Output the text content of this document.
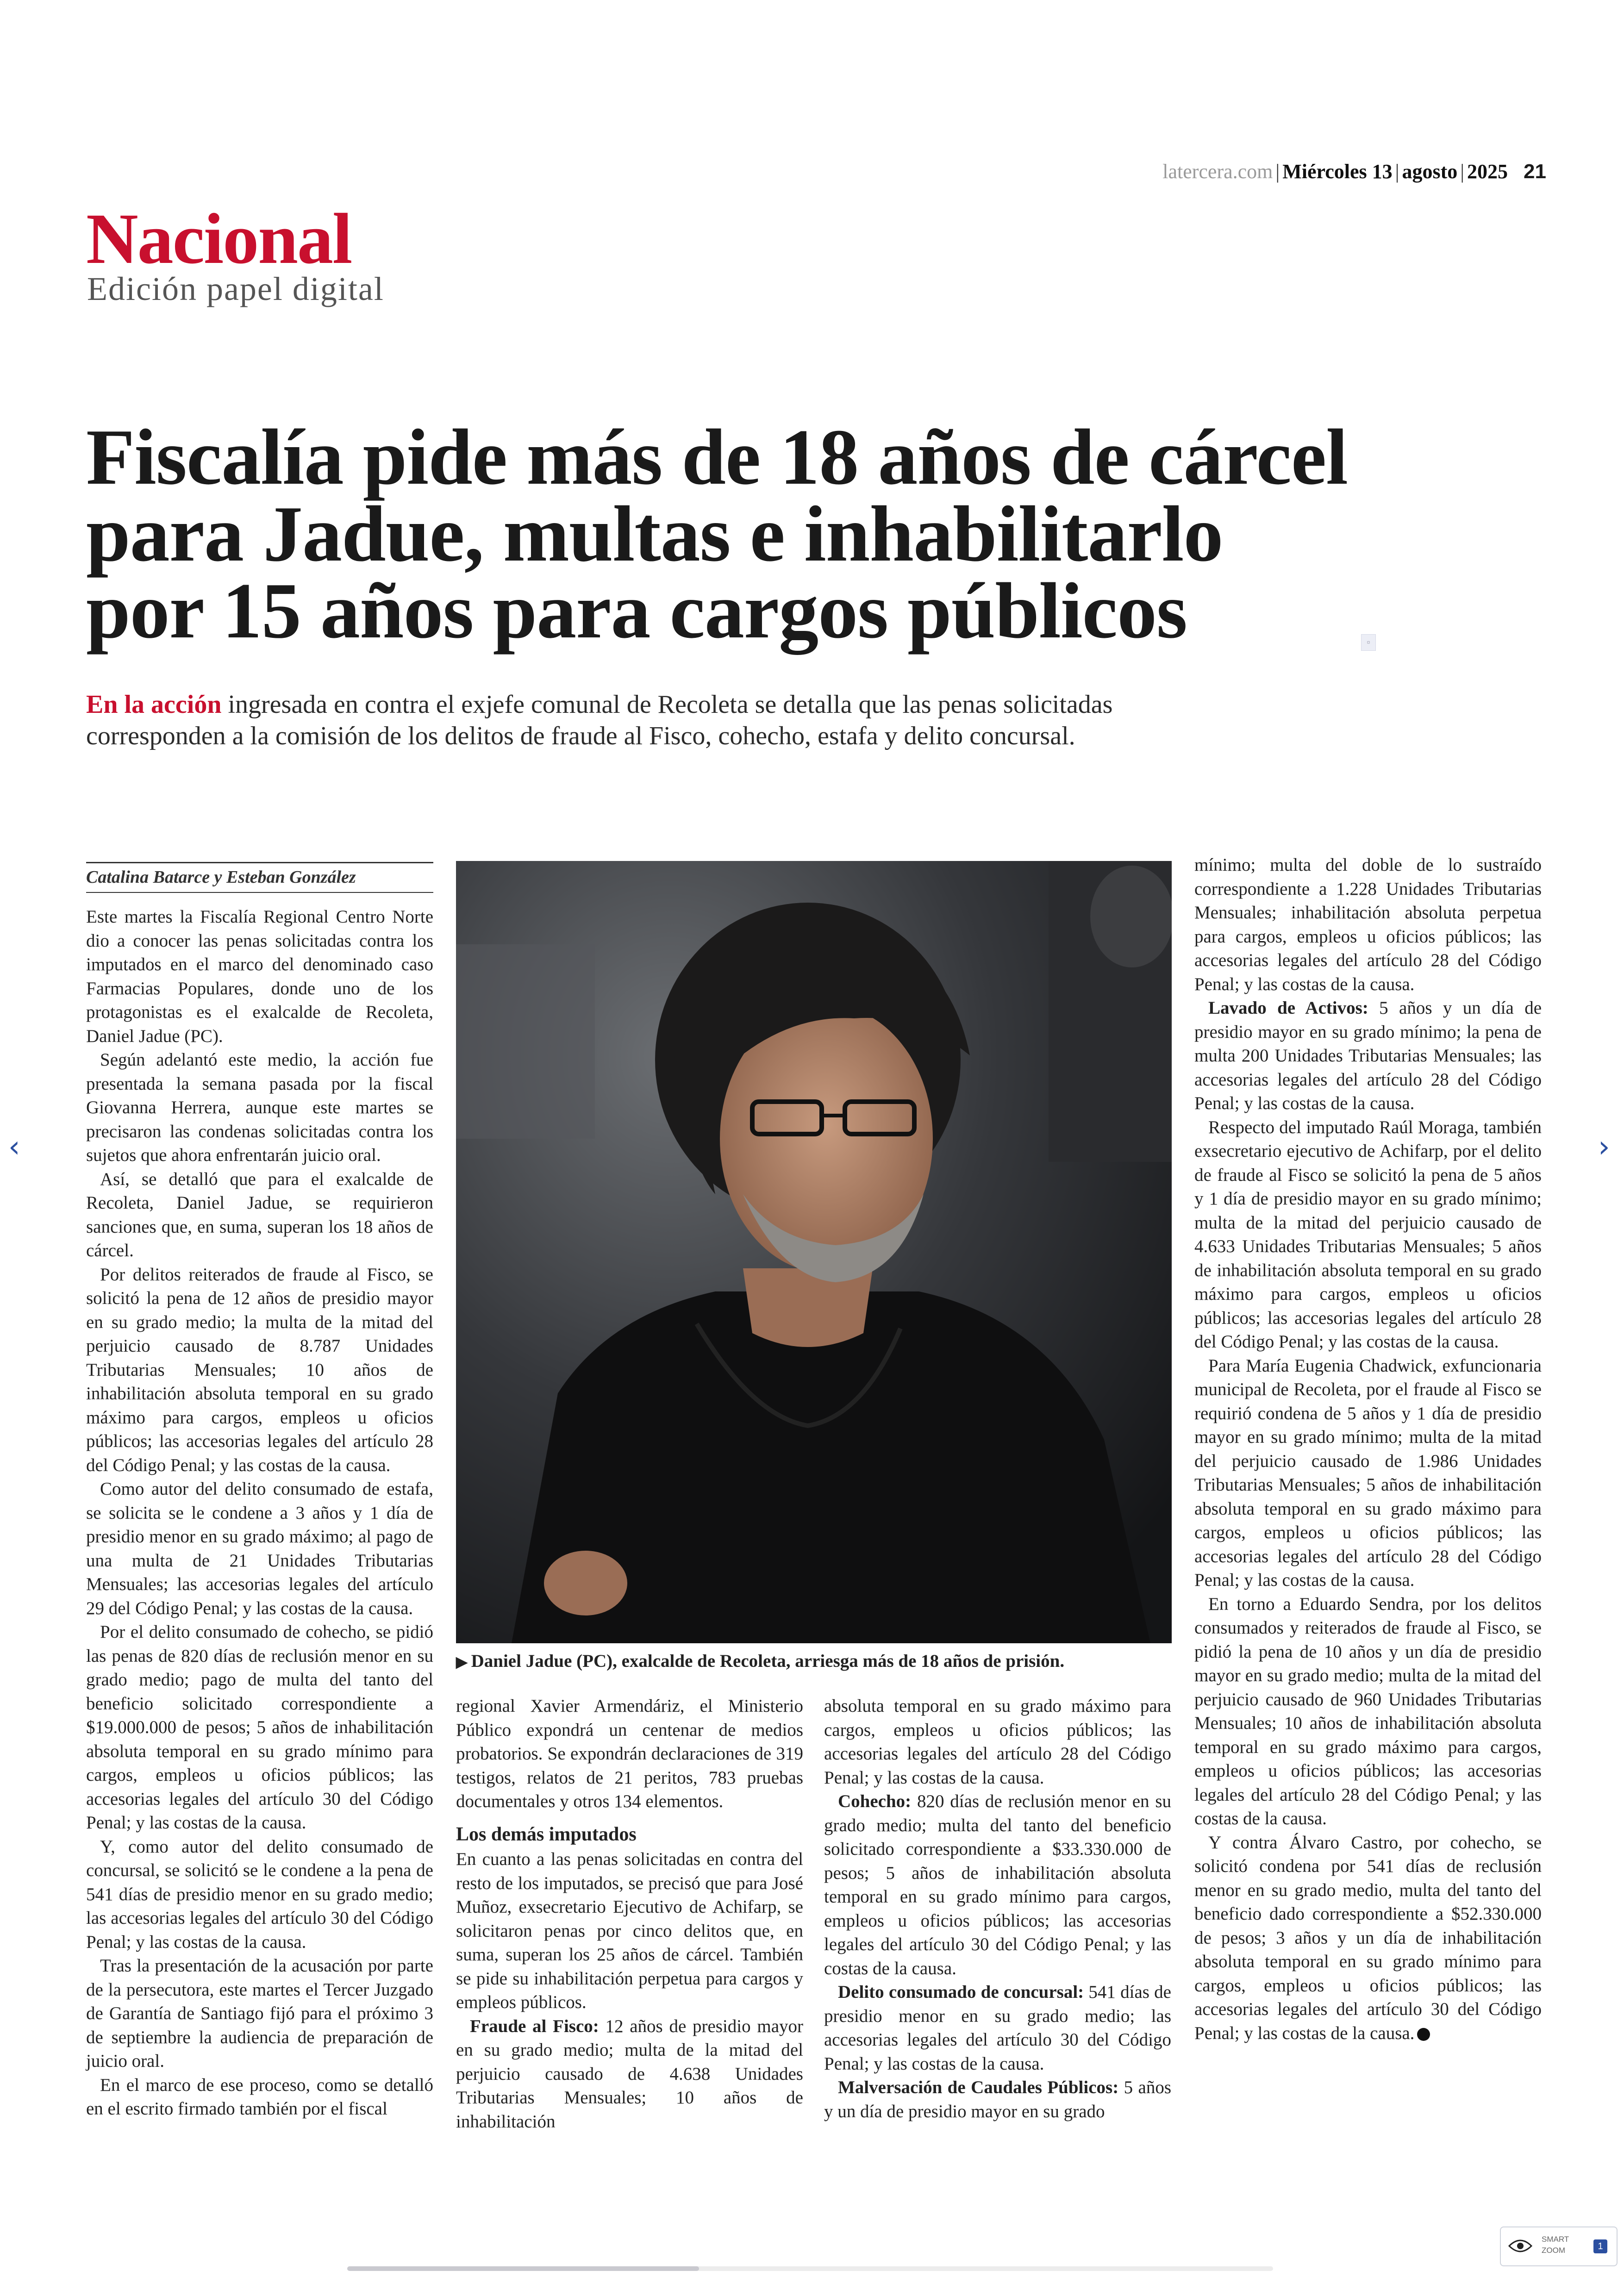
latercera.com | Miércoles 13 | agosto | 2025 21
Nacional
Edición papel digital
Fiscalía pide más de 18 años de cárcel
para Jadue, multas e inhabilitarlo
por 15 años para cargos públicos	▫
En la acción ingresada en contra el exjefe comunal de Recoleta se detalla que las penas solicitadas corresponden a la comisión de los delitos de fraude al Fisco, cohecho, estafa y delito concursal.
Catalina Batarce y Esteban González

Este martes la Fiscalía Regional Centro Norte dio a conocer las penas solicitadas contra los imputados en el marco del denominado caso Farmacias Populares, donde uno de los protagonistas es el exalcalde de Recoleta, Daniel Jadue (PC).

Según adelantó este medio, la acción fue presentada la semana pasada por la fiscal Giovanna Herrera, aunque este martes se precisaron las condenas solicitadas contra los sujetos que ahora enfrentarán juicio oral.

Así, se detalló que para el exalcalde de Recoleta, Daniel Jadue, se requirieron sanciones que, en suma, superan los 18 años de cárcel.

Por delitos reiterados de fraude al Fisco, se solicitó la pena de 12 años de presidio mayor en su grado medio; la multa de la mitad del perjuicio causado de 8.787 Unidades Tributarias Mensuales; 10 años de inhabilitación absoluta temporal en su grado máximo para cargos, empleos u oficios públicos; las accesorias legales del artículo 28 del Código Penal; y las costas de la causa.

Como autor del delito consumado de estafa, se solicita se le condene a 3 años y 1 día de presidio menor en su grado máximo; al pago de una multa de 21 Unidades Tributarias Mensuales; las accesorias legales del artículo 29 del Código Penal; y las costas de la causa.

Por el delito consumado de cohecho, se pidió las penas de 820 días de reclusión menor en su grado medio; pago de multa del tanto del beneficio solicitado correspondiente a $19.000.000 de pesos; 5 años de inhabilitación absoluta temporal en su grado mínimo para cargos, empleos u oficios públicos; las accesorias legales del artículo 30 del Código Penal; y las costas de la causa.

Y, como autor del delito consumado de concursal, se solicitó se le condene a la pena de 541 días de presidio menor en su grado medio; las accesorias legales del artículo 30 del Código Penal; y las costas de la causa.

Tras la presentación de la acusación por parte de la persecutora, este martes el Tercer Juzgado de Garantía de Santiago fijó para el próximo 3 de septiembre la audiencia de preparación de juicio oral.

En el marco de ese proceso, como se detalló en el escrito firmado también por el fiscal

▶ Daniel Jadue (PC), exalcalde de Recoleta, arriesga más de 18 años de prisión.

regional Xavier Armendáriz, el Ministerio Público expondrá un centenar de medios probatorios. Se expondrán declaraciones de 319 testigos, relatos de 21 peritos, 783 pruebas documentales y otros 134 elementos.

Los demás imputados

En cuanto a las penas solicitadas en contra del resto de los imputados, se precisó que para José Muñoz, exsecretario Ejecutivo de Achifarp, se solicitaron penas por cinco delitos que, en suma, superan los 25 años de cárcel. También se pide su inhabilitación perpetua para cargos y empleos públicos.

Fraude al Fisco: 12 años de presidio mayor en su grado medio; multa de la mitad del perjuicio causado de 4.638 Unidades Tributarias Mensuales; 10 años de inhabilitación

absoluta temporal en su grado máximo para cargos, empleos u oficios públicos; las accesorias legales del artículo 28 del Código Penal; y las costas de la causa.

Cohecho: 820 días de reclusión menor en su grado medio; multa del tanto del beneficio solicitado correspondiente a $33.330.000 de pesos; 5 años de inhabilitación absoluta temporal en su grado mínimo para cargos, empleos u oficios públicos; las accesorias legales del artículo 30 del Código Penal; y las costas de la causa.

Delito consumado de concursal: 541 días de presidio menor en su grado medio; las accesorias legales del artículo 30 del Código Penal; y las costas de la causa.

Malversación de Caudales Públicos: 5 años y un día de presidio mayor en su grado

mínimo; multa del doble de lo sustraído correspondiente a 1.228 Unidades Tributarias Mensuales; inhabilitación absoluta perpetua para cargos, empleos u oficios públicos; las accesorias legales del artículo 28 del Código Penal; y las costas de la causa.

Lavado de Activos: 5 años y un día de presidio mayor en su grado mínimo; la pena de multa 200 Unidades Tributarias Mensuales; las accesorias legales del artículo 28 del Código Penal; y las costas de la causa.

Respecto del imputado Raúl Moraga, también exsecretario ejecutivo de Achifarp, por el delito de fraude al Fisco se solicitó la pena de 5 años y 1 día de presidio mayor en su grado mínimo; multa de la mitad del perjuicio causado de 4.633 Unidades Tributarias Mensuales; 5 años de inhabilitación absoluta temporal en su grado máximo para cargos, empleos u oficios públicos; las accesorias legales del artículo 28 del Código Penal; y las costas de la causa.

Para María Eugenia Chadwick, exfuncionaria municipal de Recoleta, por el fraude al Fisco se requirió condena de 5 años y 1 día de presidio mayor en su grado mínimo; multa de la mitad del perjuicio causado de 1.986 Unidades Tributarias Mensuales; 5 años de inhabilitación absoluta temporal en su grado máximo para cargos, empleos u oficios públicos; las accesorias legales del artículo 28 del Código Penal; y las costas de la causa.

En torno a Eduardo Sendra, por los delitos consumados y reiterados de fraude al Fisco, se pidió la pena de 10 años y un día de presidio mayor en su grado medio; multa de la mitad del perjuicio causado de 960 Unidades Tributarias Mensuales; 10 años de inhabilitación absoluta temporal en su grado máximo para cargos, empleos u oficios públicos; las accesorias legales del artículo 28 del Código Penal; y las costas de la causa.

Y contra Álvaro Castro, por cohecho, se solicitó condena por 541 días de reclusión menor en su grado medio, multa del tanto del beneficio dado correspondiente a $52.330.000 de pesos; 3 años y un día de inhabilitación absoluta temporal en su grado mínimo para cargos, empleos u oficios públicos; las accesorias legales del artículo 30 del Código Penal; y las costas de la causa.

‹	›
SMART
ZOOM	1
